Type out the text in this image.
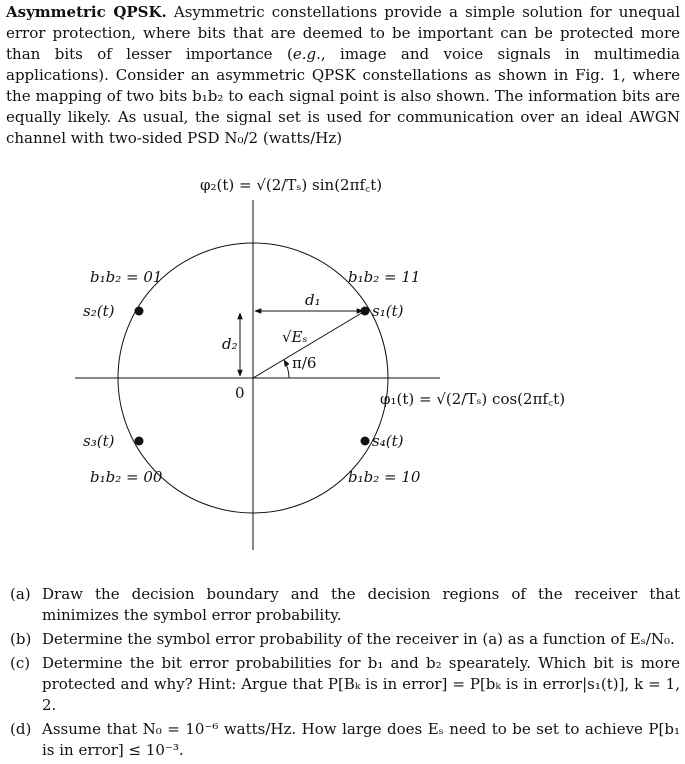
Asymmetric QPSK. Asymmetric constellations provide a simple solution for unequal error protection, where bits that are deemed to be important can be protected more than bits of lesser importance (e.g., image and voice signals in multimedia applications). Consider an asymmetric QPSK constellations as shown in Fig. 1, where the mapping of two bits b₁b₂ to each signal point is also shown. The information bits are equally likely. As usual, the signal set is used for communication over an ideal AWGN channel with two-sided PSD N₀/2 (watts/Hz)
φ₂(t) = √(2/Tₛ) sin(2πf꜀t)
φ₁(t) = √(2/Tₛ) cos(2πf꜀t)
0
d₁
d₂	√Eₛ
π/6
s₁(t)
b₁b₂ = 11
s₂(t)
b₁b₂ = 01
s₃(t)
b₁b₂ = 00
s₄(t)
b₁b₂ = 10
(a) Draw the decision boundary and the decision regions of the receiver that minimizes the symbol error probability.
(b) Determine the symbol error probability of the receiver in (a) as a function of Eₛ/N₀.
(c) Determine the bit error probabilities for b₁ and b₂ spearately. Which bit is more protected and why? Hint: Argue that P[Bₖ is in error] = P[bₖ is in error|s₁(t)], k = 1, 2.
(d) Assume that N₀ = 10⁻⁶ watts/Hz. How large does Eₛ need to be set to achieve P[b₁ is in error] ≤ 10⁻³.
